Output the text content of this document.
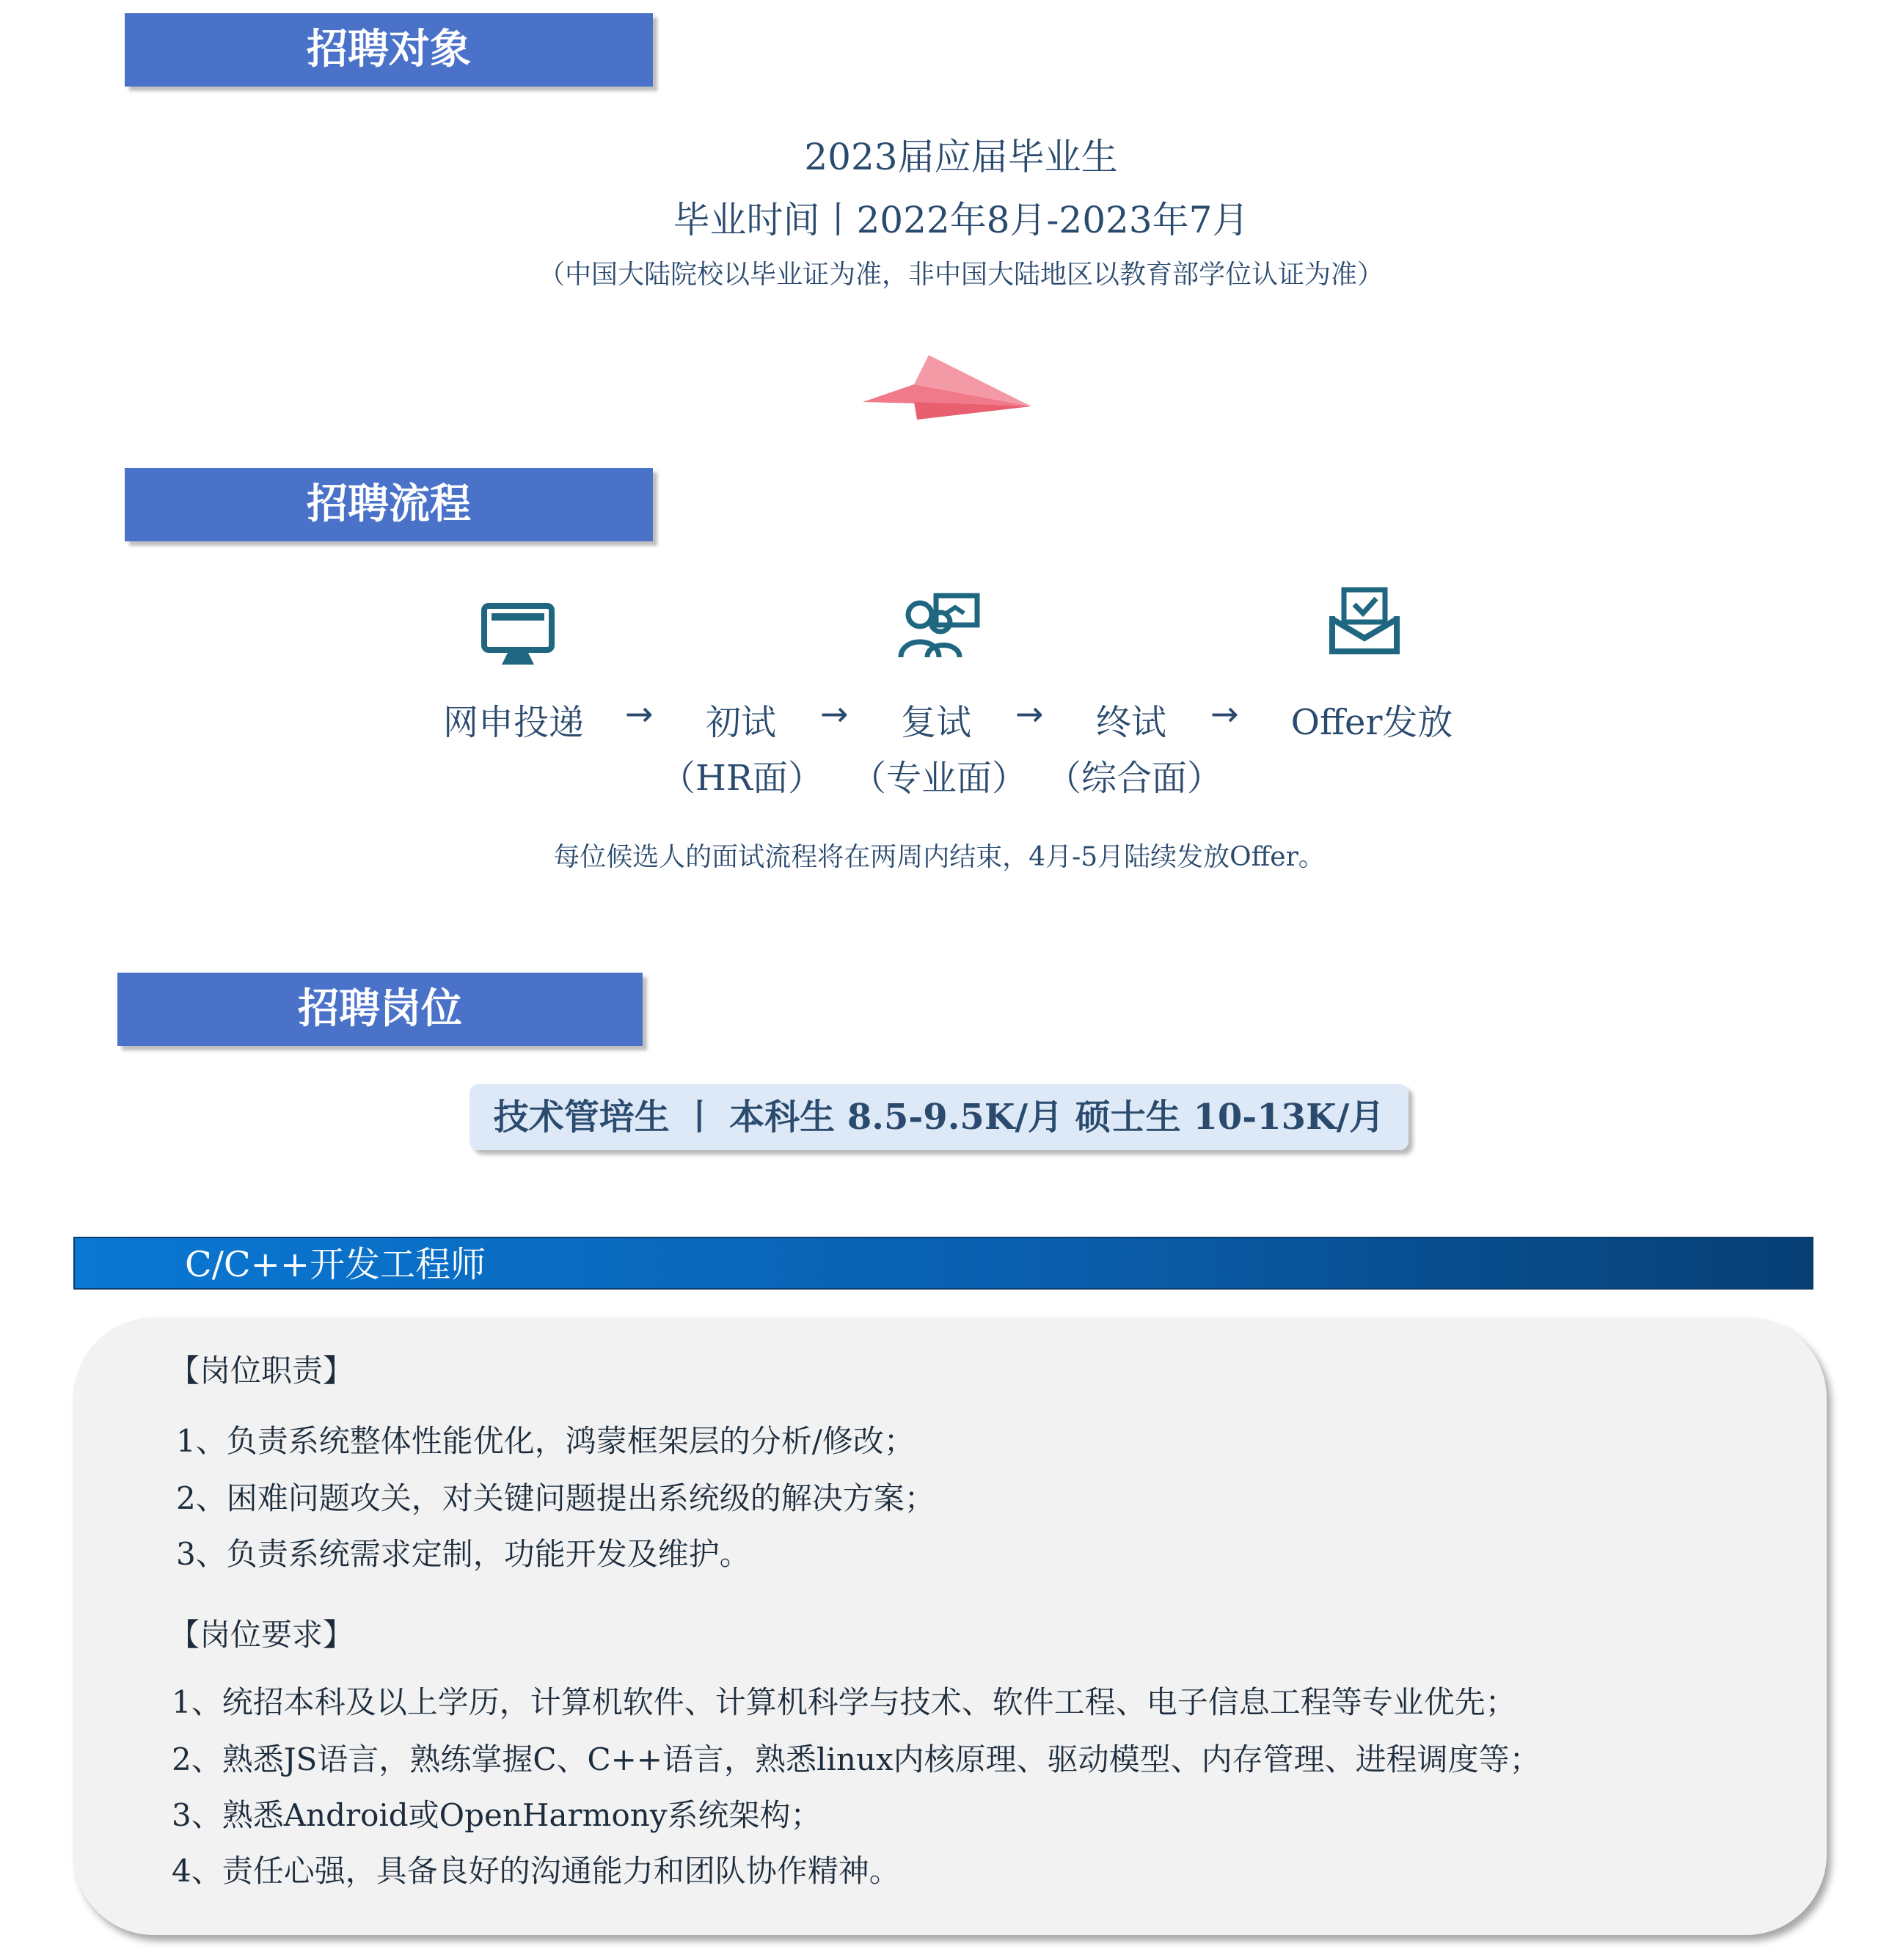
招聘对象
2023届应届毕业生
毕业时间丨2022年8月-2023年7月
（中国大陆院校以毕业证为准，非中国大陆地区以教育部学位认证为准）
招聘流程
网申投递 →	初试
（HR面）
→	复试
（专业面）
→	终试
（综合面）
→	Offer发放
每位候选人的面试流程将在两周内结束，4月-5月陆续发放Offer。
招聘岗位
技术管培生 丨 本科生 8.5-9.5K/月 硕士生 10-13K/月
C/C++开发工程师
【岗位职责】
1、负责系统整体性能优化，鸿蒙框架层的分析/修改；
2、困难问题攻关，对关键问题提出系统级的解决方案；
3、负责系统需求定制，功能开发及维护。
【岗位要求】
1、统招本科及以上学历，计算机软件、计算机科学与技术、软件工程、电子信息工程等专业优先；
2、熟悉JS语言，熟练掌握C、C++语言，熟悉linux内核原理、驱动模型、内存管理、进程调度等；
3、熟悉Android或OpenHarmony系统架构；
4、责任心强，具备良好的沟通能力和团队协作精神。
